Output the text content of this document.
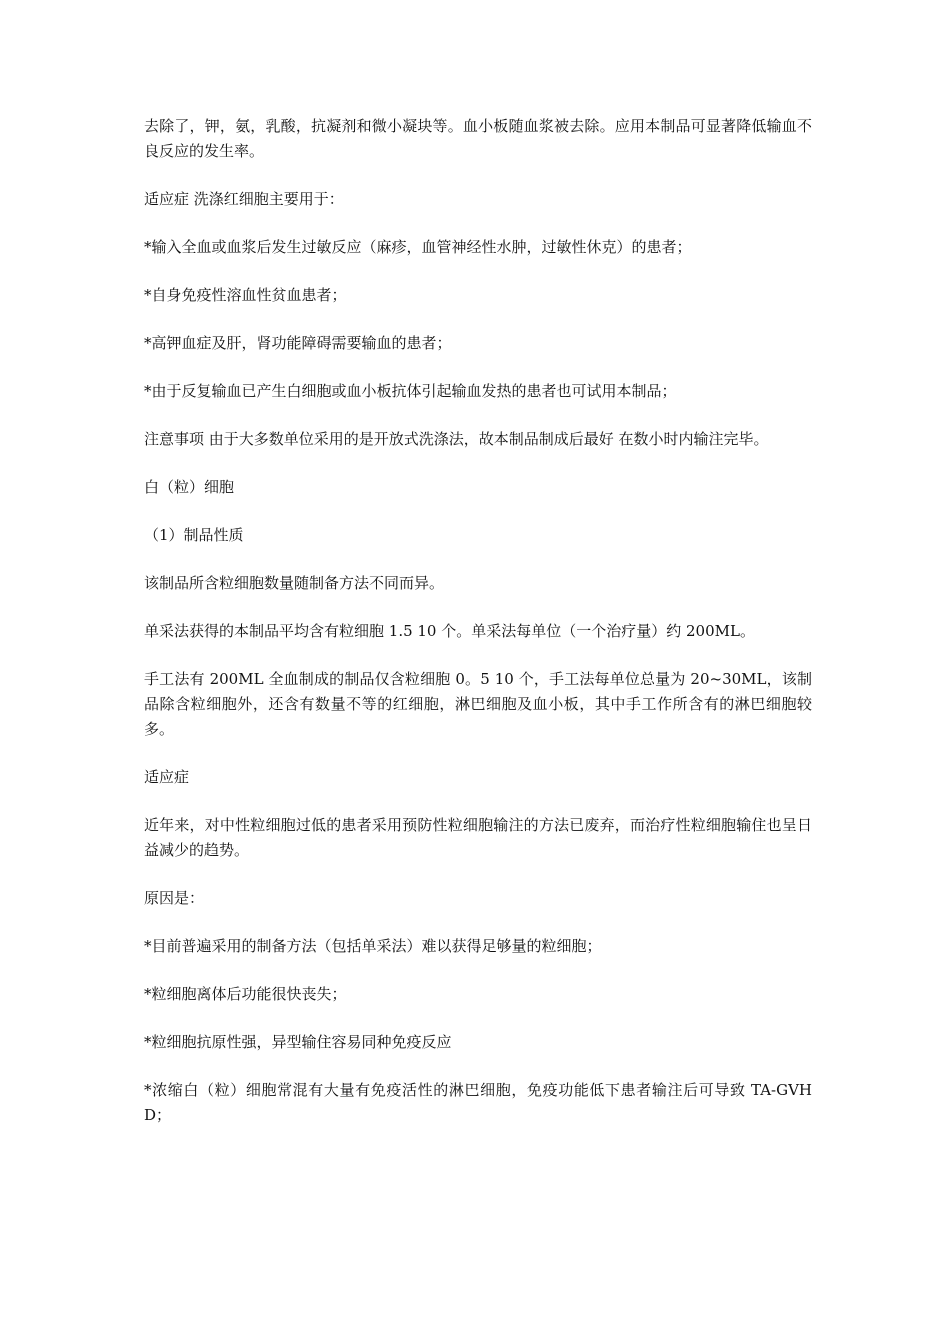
去除了，钾，氨，乳酸，抗凝剂和微小凝块等。血小板随血浆被去除。应用本制品可显著降低输血不良反应的发生率。

适应症 洗涤红细胞主要用于：

*输入全血或血浆后发生过敏反应（麻疹，血管神经性水肿，过敏性休克）的患者；

*自身免疫性溶血性贫血患者；

*高钾血症及肝，肾功能障碍需要输血的患者；

*由于反复输血已产生白细胞或血小板抗体引起输血发热的患者也可试用本制品；

注意事项 由于大多数单位采用的是开放式洗涤法，故本制品制成后最好 在数小时内输注完毕。

白（粒）细胞

（1）制品性质

该制品所含粒细胞数量随制备方法不同而异。

单采法获得的本制品平均含有粒细胞 1.5 10 个。单采法每单位（一个治疗量）约 200ML。

手工法有 200ML 全血制成的制品仅含粒细胞 0。5 10 个，手工法每单位总量为 20~30ML，该制品除含粒细胞外，还含有数量不等的红细胞，淋巴细胞及血小板，其中手工作所含有的淋巴细胞较多。

适应症

近年来，对中性粒细胞过低的患者采用预防性粒细胞输注的方法已废弃，而治疗性粒细胞输住也呈日益减少的趋势。

原因是：

*目前普遍采用的制备方法（包括单采法）难以获得足够量的粒细胞；

*粒细胞离体后功能很快丧失；

*粒细胞抗原性强，异型输住容易同种免疫反应

*浓缩白（粒）细胞常混有大量有免疫活性的淋巴细胞，免疫功能低下患者输注后可导致 TA-GVHD；
